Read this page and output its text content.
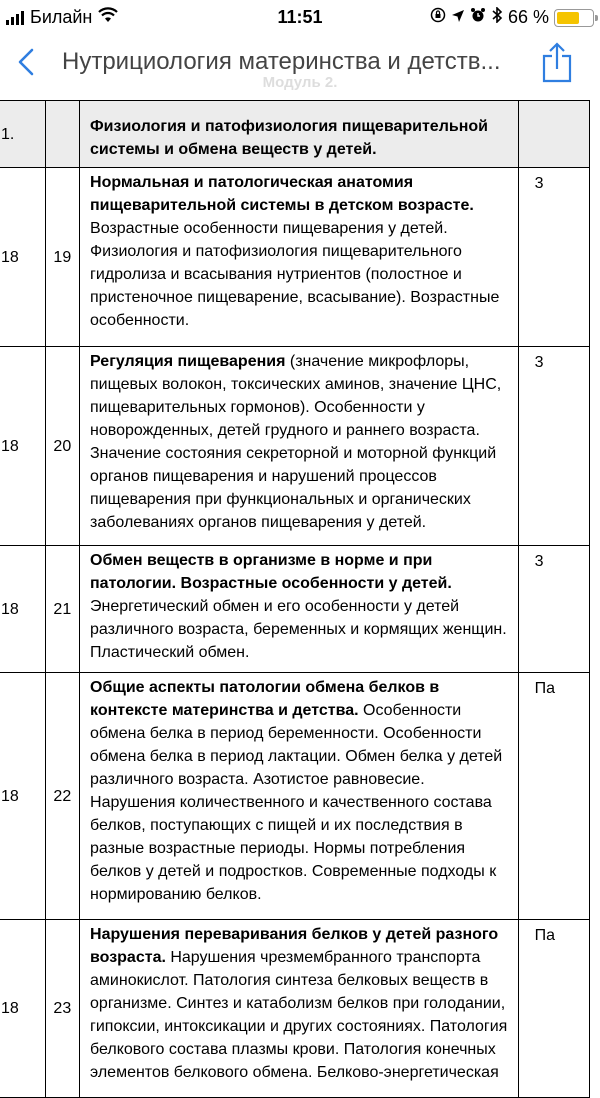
Билайн	11:51	66 %
Нутрициология материнства и детств...
Модуль 2.
1.		Физиология и патофизиология пищеварительной системы и обмена веществ у детей.	

18	19	Нормальная и патологическая анатомия пищеварительной системы в детском возрасте. Возрастные особенности пищеварения у детей. Физиология и патофизиология пищеварительного гидролиза и всасывания нутриентов (полостное и пристеночное пищеварение, всасывание). Возрастные особенности.	3

18	20	Регуляция пищеварения (значение микрофлоры, пищевых волокон, токсических аминов, значение ЦНС, пищеварительных гормонов). Особенности у новорожденных, детей грудного и раннего возраста. Значение состояния секреторной и моторной функций органов пищеварения и нарушений процессов пищеварения при функциональных и органических заболеваниях органов пищеварения у детей.	3

18	21	Обмен веществ в организме в норме и при патологии. Возрастные особенности у детей. Энергетический обмен и его особенности у детей различного возраста, беременных и кормящих женщин. Пластический обмен.	3

18	22	Общие аспекты патологии обмена белков в контексте материнства и детства. Особенности обмена белка в период беременности. Особенности обмена белка в период лактации. Обмен белка у детей различного возраста. Азотистое равновесие. Нарушения количественного и качественного состава белков, поступающих с пищей и их последствия в разные возрастные периоды. Нормы потребления белков у детей и подростков. Современные подходы к нормированию белков.	Па

18	23	Нарушения переваривания белков у детей разного возраста. Нарушения чрезмембранного транспорта аминокислот. Патология синтеза белковых веществ в организме. Синтез и катаболизм белков при голодании, гипоксии, интоксикации и других состояниях. Патология белкового состава плазмы крови. Патология конечных элементов белкового обмена. Белково-энергетическая	Па
